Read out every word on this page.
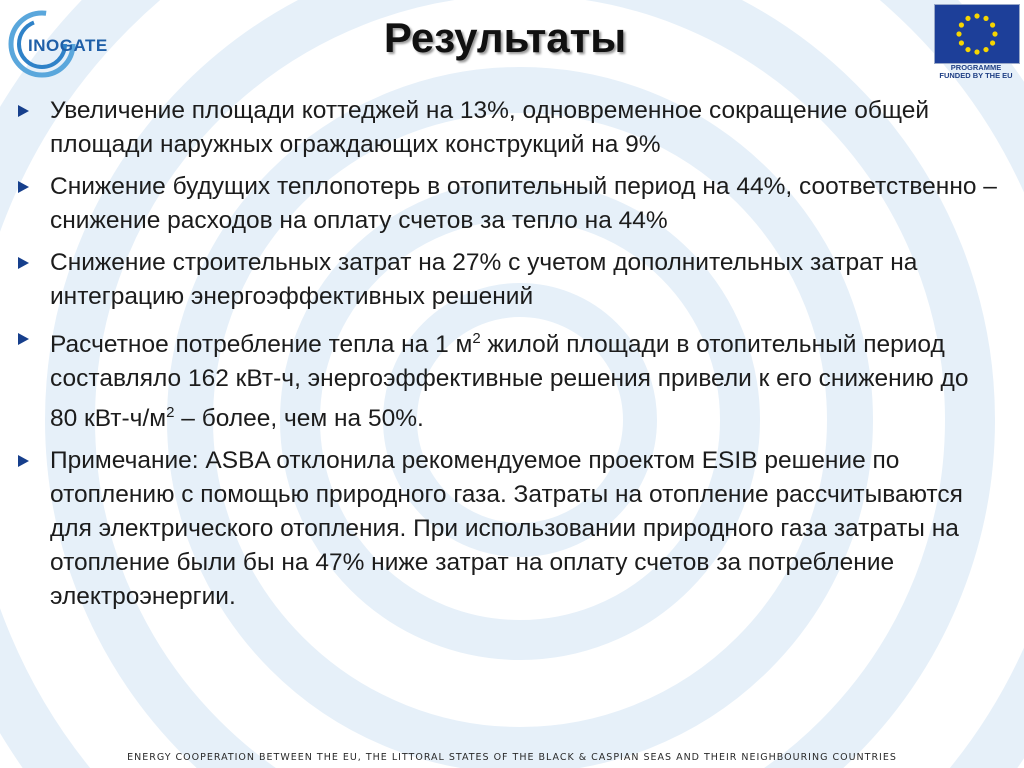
INOGATE	Результаты
PROGRAMME
FUNDED BY THE EU
Увеличение площади коттеджей на 13%, одновременное сокращение общей площади наружных ограждающих конструкций на 9%
Снижение будущих теплопотерь в отопительный период на 44%, соответственно – снижение расходов на оплату счетов за тепло на 44%
Снижение строительных затрат на 27% с учетом дополнительных затрат на интеграцию энергоэффективных решений
Расчетное потребление тепла на 1 $м^2$ жилой площади в отопительный период составляло 162 кВт-ч, энергоэффективные решения привели к его снижению до 80 кВт-$ч/м^2$ – более, чем на 50%.
Примечание: ASBA отклонила рекомендуемое проектом ESIB решение по отоплению с помощью природного газа. Затраты на отопление рассчитываются для электрического отопления. При использовании природного газа затраты на отопление были бы на 47% ниже затрат на оплату счетов за потребление электроэнергии.
ENERGY COOPERATION BETWEEN THE EU, THE LITTORAL STATES OF THE BLACK & CASPIAN SEAS AND THEIR NEIGHBOURING COUNTRIES
